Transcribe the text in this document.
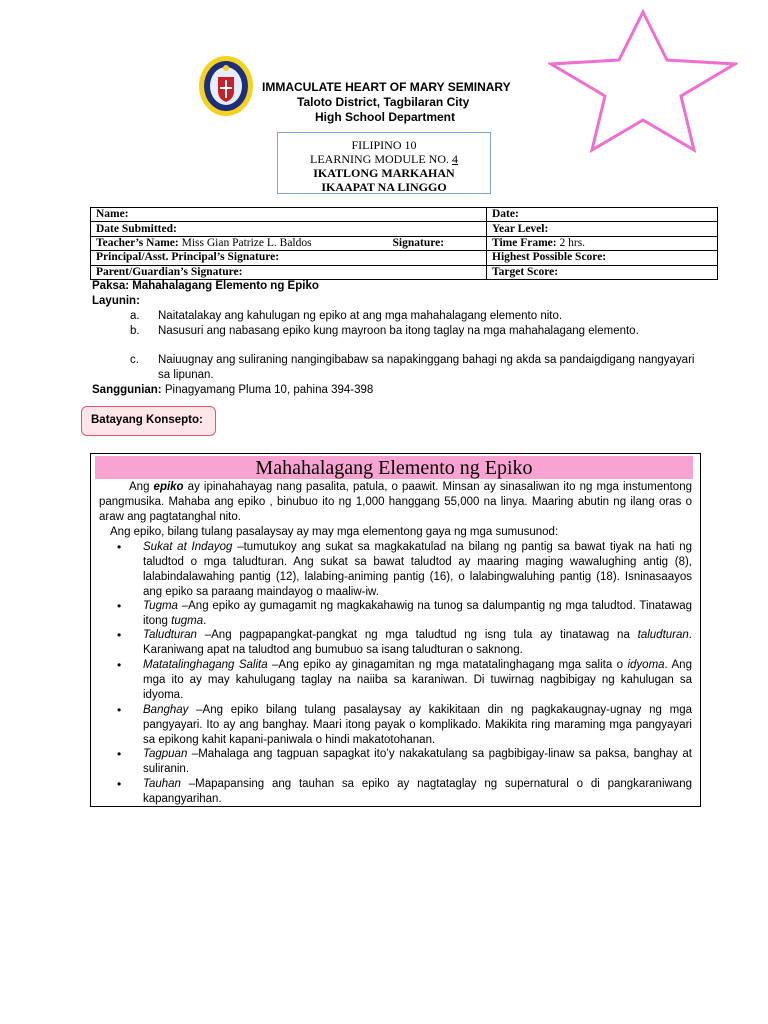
IMMACULATE HEART OF MARY SEMINARY
Taloto District, Tagbilaran City
High School Department
FILIPINO 10
LEARNING MODULE NO. 4
IKATLONG MARKAHAN
IKAAPAT NA LINGGO
Name:	Date:
Date Submitted:	Year Level:
Teacher’s Name: Miss Gian Patrize L. Baldos Signature:	Time Frame: 2 hrs.
Principal/Asst. Principal’s Signature:	Highest Possible Score:
Parent/Guardian’s Signature:	Target Score:
Paksa: Mahahalagang Elemento ng Epiko
Layunin:
a. Naitatalakay ang kahulugan ng epiko at ang mga mahahalagang elemento nito.
b. Nasusuri ang nabasang epiko kung mayroon ba itong taglay na mga mahahalagang elemento.
c. Naiuugnay ang suliraning nangingibabaw sa napakinggang bahagi ng akda sa pandaigdigang nangyayari sa lipunan.
Sanggunian: Pinagyamang Pluma 10, pahina 394-398
Batayang Konsepto:
Mahahalagang Elemento ng Epiko
Ang epiko ay ipinahahayag nang pasalita, patula, o paawit. Minsan ay sinasaliwan ito ng mga instumentong pangmusika. Mahaba ang epiko , binubuo ito ng 1,000 hanggang 55,000 na linya. Maaring abutin ng ilang oras o araw ang pagtatanghal nito.
Ang epiko, bilang tulang pasalaysay ay may mga elementong gaya ng mga sumusunod:
• Sukat at Indayog –tumutukoy ang sukat sa magkakatulad na bilang ng pantig sa bawat tiyak na hati ng taludtod o mga taludturan. Ang sukat sa bawat taludtod ay maaring maging wawalughing antig (8), lalabindalawahing pantig (12), lalabing-animing pantig (16), o lalabingwaluhing pantig (18). Isninasaayos ang epiko sa paraang maindayog o maaliw-iw.
• Tugma –Ang epiko ay gumagamit ng magkakahawig na tunog sa dalumpantig ng mga taludtod. Tinatawag itong tugma.
• Taludturan –Ang pagpapangkat-pangkat ng mga taludtud ng isng tula ay tinatawag na taludturan. Karaniwang apat na taludtod ang bumubuo sa isang taludturan o saknong.
• Matatalinghagang Salita –Ang epiko ay ginagamitan ng mga matatalinghagang mga salita o idyoma. Ang mga ito ay may kahulugang taglay na naiiba sa karaniwan. Di tuwirnag nagbibigay ng kahulugan sa idyoma.
• Banghay –Ang epiko bilang tulang pasalaysay ay kakikitaan din ng pagkakaugnay-ugnay ng mga pangyayari. Ito ay ang banghay. Maari itong payak o komplikado. Makikita ring maraming mga pangyayari sa epikong kahit kapani-paniwala o hindi makatotohanan.
• Tagpuan –Mahalaga ang tagpuan sapagkat ito’y nakakatulang sa pagbibigay-linaw sa paksa, banghay at suliranin.
• Tauhan –Mapapansing ang tauhan sa epiko ay nagtataglay ng supernatural o di pangkaraniwang kapangyarihan.
